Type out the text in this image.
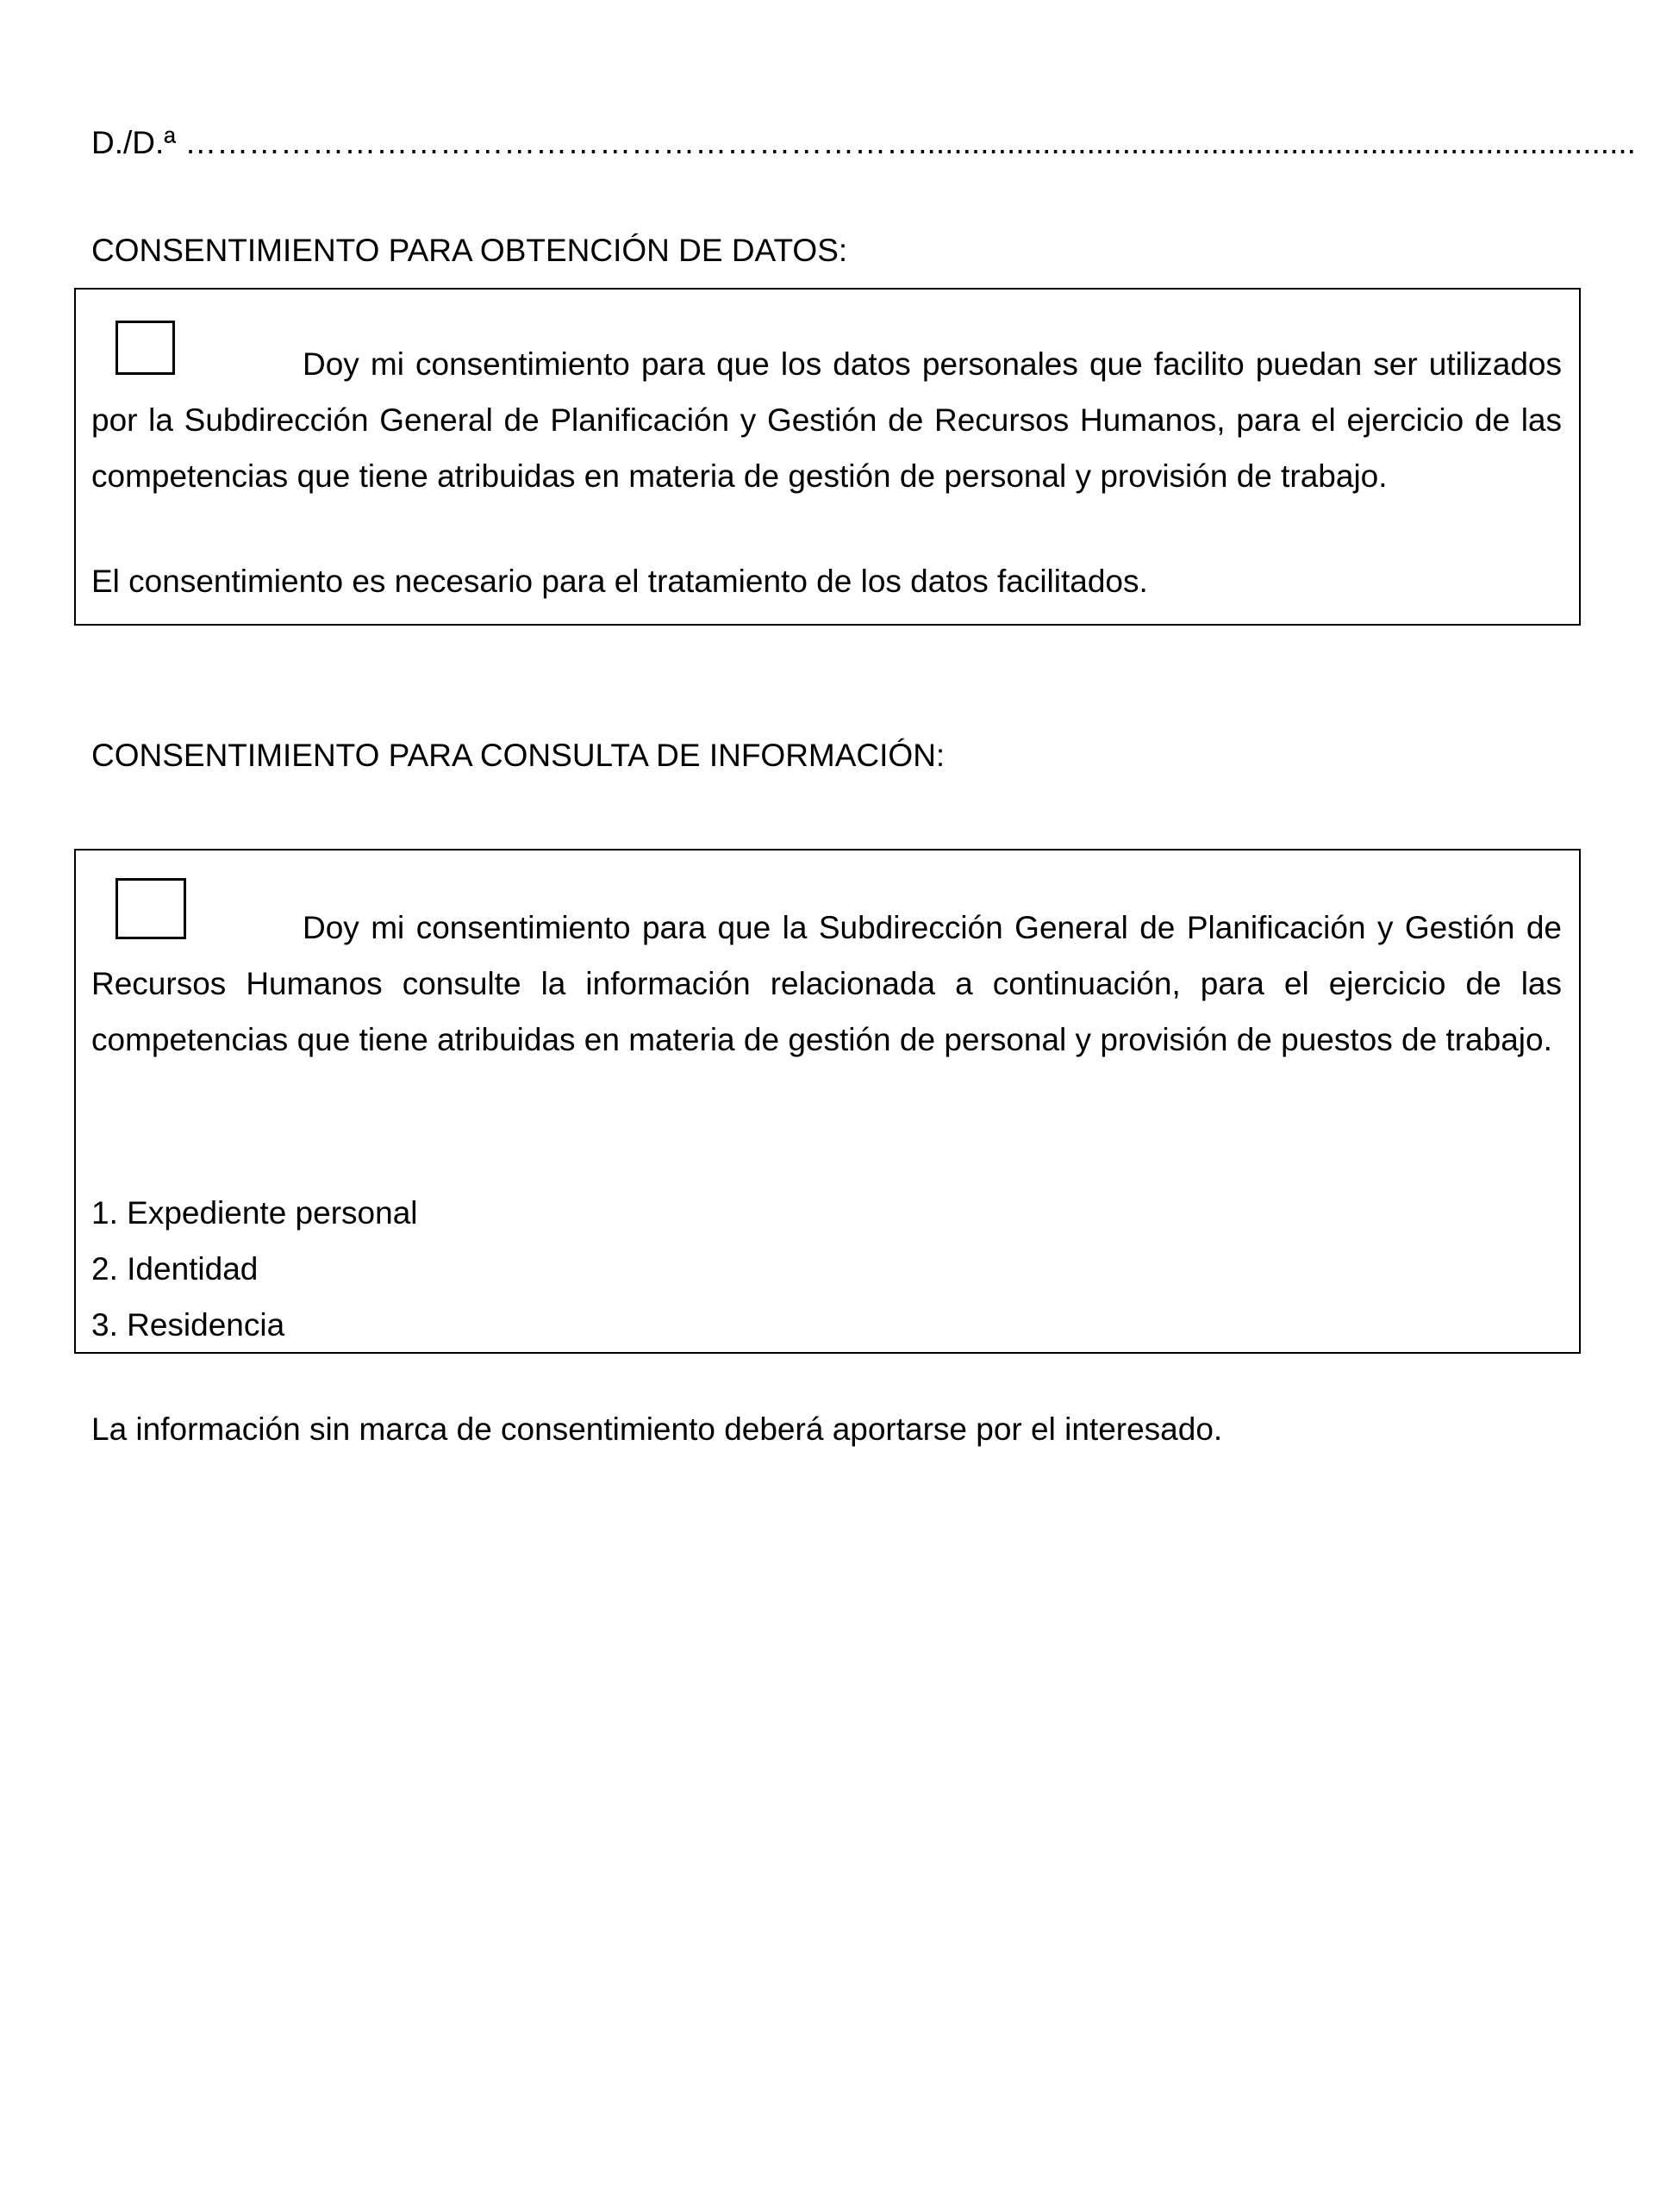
D./D.ª …………………………………………………………….................................................................................
CONSENTIMIENTO PARA OBTENCIÓN DE DATOS:

Doy mi consentimiento para que los datos personales que facilito puedan ser utilizados por la Subdirección General de Planificación y Gestión de Recursos Humanos, para el ejercicio de las competencias que tiene atribuidas en materia de gestión de personal y provisión de trabajo.

El consentimiento es necesario para el tratamiento de los datos facilitados.
CONSENTIMIENTO PARA CONSULTA DE INFORMACIÓN:

Doy mi consentimiento para que la Subdirección General de Planificación y Gestión de Recursos Humanos consulte la información relacionada a continuación, para el ejercicio de las competencias que tiene atribuidas en materia de gestión de personal y provisión de puestos de trabajo.

1. Expediente personal
2. Identidad
3. Residencia
La información sin marca de consentimiento deberá aportarse por el interesado.
